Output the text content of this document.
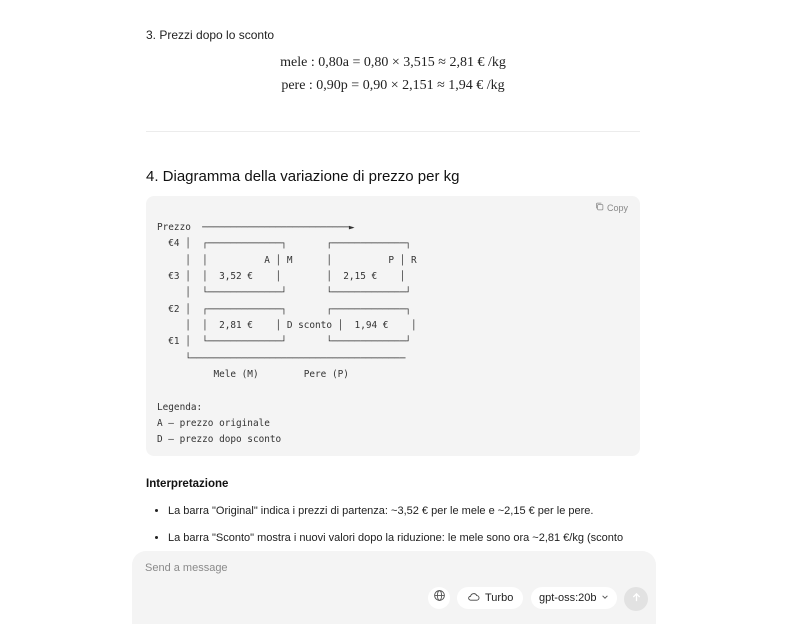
3. Prezzi dopo lo sconto
mele : 0,80a = 0,80 × 3,515 ≈ 2,81 € /kg
pere : 0,90p = 0,90 × 2,151 ≈ 1,94 € /kg
4. Diagramma della variazione di prezzo per kg
Copy
Prezzo  ──────────────────────────►
€4 │  ┌─────────────┐       ┌─────────────┐
│  │          A │ M      │          P │ R
€3 │  │  3,52 €    │        │  2,15 €    │
│  └─────────────┘       └─────────────┘
€2 │  ┌─────────────┐       ┌─────────────┐
│  │  2,81 €    │ D sconto │  1,94 €    │
€1 │  └─────────────┘       └─────────────┘
└──────────────────────────────────────
Mele (M)        Pere (P)

Legenda:
A – prezzo originale
D – prezzo dopo sconto
Interpretazione
• La barra "Original" indica i prezzi di partenza: ~3,52 € per le mele e ~2,15 € per le pere.
• La barra "Sconto" mostra i nuovi valori dopo la riduzione: le mele sono ora ~2,81 €/kg (sconto
Send a message
Turbo gpt-oss:20b
